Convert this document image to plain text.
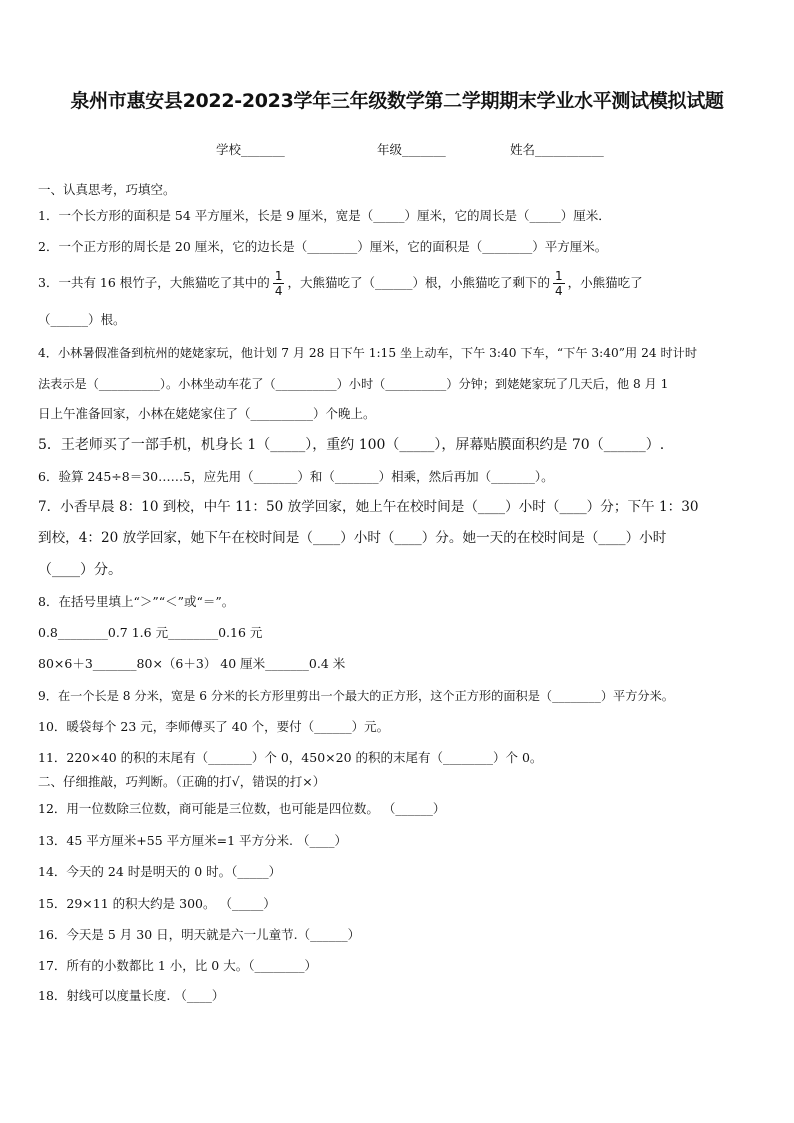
泉州市惠安县2022-2023学年三年级数学第二学期期末学业水平测试模拟试题
学校_______	年级_______	姓名___________
一、认真思考，巧填空。
1．一个长方形的面积是 54 平方厘米，长是 9 厘米，宽是（_____）厘米，它的周长是（_____）厘米．
2．一个正方形的周长是 20 厘米，它的边长是（________）厘米，它的面积是（________）平方厘米。
3．一共有 16 根竹子，大熊猫吃了其中的 $\frac{1}{4}$ ，大熊猫吃了（______）根，小熊猫吃了剩下的 $\frac{1}{4}$ ，小熊猫吃了
（______）根。
4．小林暑假准备到杭州的姥姥家玩，他计划 7 月 28 日下午 1:15 坐上动车，下午 3:40 下车，“下午 3:40”用 24 时计时
法表示是（__________）。小林坐动车花了（__________）小时（__________）分钟；到姥姥家玩了几天后，他 8 月 1
日上午准备回家，小林在姥姥家住了（__________）个晚上。
5．王老师买了一部手机，机身长 1（_____），重约 100（_____），屏幕贴膜面积约是 70（______）.
6．验算 245÷8＝30……5，应先用（_______）和（_______）相乘，然后再加（_______）。
7．小香早晨 8：10 到校，中午 11：50 放学回家，她上午在校时间是（____）小时（____）分；下午 1：30
到校，4：20 放学回家，她下午在校时间是（____）小时（____）分。她一天的在校时间是（____）小时
（____）分。
8．在括号里填上“＞”“＜”或“＝”。
0.8________0.7 1.6 元________0.16 元
80×6＋3_______80×（6＋3） 40 厘米_______0.4 米
9．在一个长是 8 分米，宽是 6 分米的长方形里剪出一个最大的正方形，这个正方形的面积是（________）平方分米。
10．暖袋每个 23 元，李师傅买了 40 个，要付（______）元。
11．220×40 的积的末尾有（_______）个 0，450×20 的积的末尾有（________）个 0。
二、仔细推敲，巧判断。（正确的打√，错误的打×）
12．用一位数除三位数，商可能是三位数，也可能是四位数。 （______）
13．45 平方厘米+55 平方厘米=1 平方分米. （____）
14．今天的 24 时是明天的 0 时。（_____）
15．29×11 的积大约是 300。 （_____）
16．今天是 5 月 30 日，明天就是六一儿童节.（______）
17．所有的小数都比 1 小，比 0 大。（________）
18．射线可以度量长度. （____）
